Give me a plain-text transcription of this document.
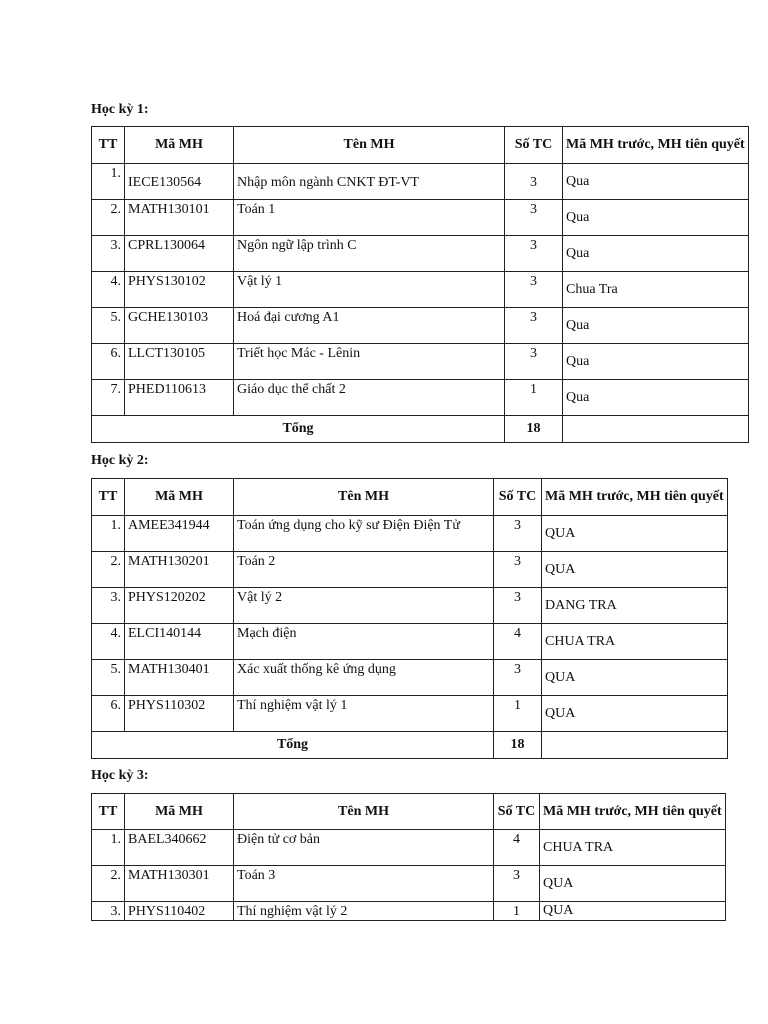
Học kỳ 1:
TT	Mã MH	Tên MH	Số TC	Mã MH trước, MH tiên quyết
1.	IECE130564	Nhập môn ngành CNKT ĐT-VT	3	Qua
2.	MATH130101	Toán 1	3	Qua
3.	CPRL130064	Ngôn ngữ lập trình C	3	Qua
4.	PHYS130102	Vật lý 1	3	Chua Tra
5.	GCHE130103	Hoá đại cương A1	3	Qua
6.	LLCT130105	Triết học Mác - Lênin	3	Qua
7.	PHED110613	Giáo dục thể chất 2	1	Qua
Tổng			18	
Học kỳ 2:
TT	Mã MH	Tên MH	Số TC	Mã MH trước, MH tiên quyết
1.	AMEE341944	Toán ứng dụng cho kỹ sư Điện Điện Tử	3	QUA
2.	MATH130201	Toán 2	3	QUA
3.	PHYS120202	Vật lý 2	3	DANG TRA
4.	ELCI140144	Mạch điện	4	CHUA TRA
5.	MATH130401	Xác xuất thống kê ứng dụng	3	QUA
6.	PHYS110302	Thí nghiệm vật lý 1	1	QUA
Tổng			18	
Học kỳ 3:
TT	Mã MH	Tên MH	Số TC	Mã MH trước, MH tiên quyết
1.	BAEL340662	Điện tử cơ bản	4	CHUA TRA
2.	MATH130301	Toán 3	3	QUA
3.	PHYS110402	Thí nghiệm vật lý 2	1	QUA
